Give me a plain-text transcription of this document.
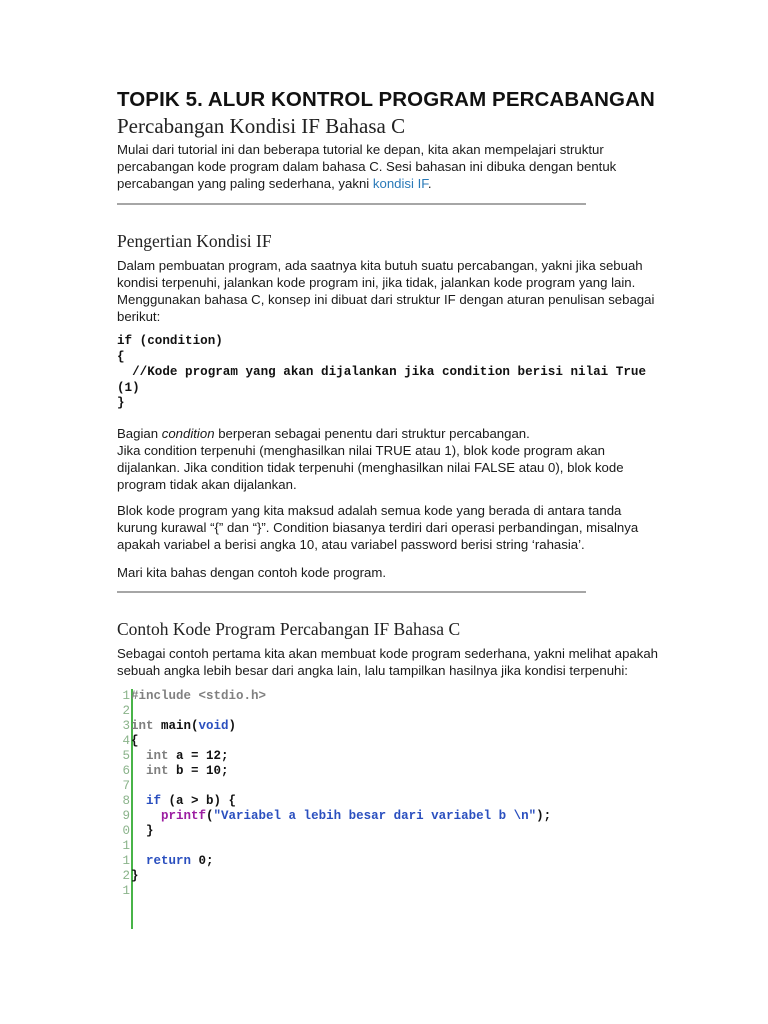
TOPIK 5. ALUR KONTROL PROGRAM PERCABANGAN
Percabangan Kondisi IF Bahasa C

Mulai dari tutorial ini dan beberapa tutorial ke depan, kita akan mempelajari struktur

percabangan kode program dalam bahasa C. Sesi bahasan ini dibuka dengan bentuk

percabangan yang paling sederhana, yakni kondisi IF.

Pengertian Kondisi IF

Dalam pembuatan program, ada saatnya kita butuh suatu percabangan, yakni jika sebuah

kondisi terpenuhi, jalankan kode program ini, jika tidak, jalankan kode program yang lain.

Menggunakan bahasa C, konsep ini dibuat dari struktur IF dengan aturan penulisan sebagai

berikut:

if (condition)
{
//Kode program yang akan dijalankan jika condition berisi nilai True
(1)
}

Bagian condition berperan sebagai penentu dari struktur percabangan.

Jika condition terpenuhi (menghasilkan nilai TRUE atau 1), blok kode program akan

dijalankan. Jika condition tidak terpenuhi (menghasilkan nilai FALSE atau 0), blok kode

program tidak akan dijalankan.

Blok kode program yang kita maksud adalah semua kode yang berada di antara tanda

kurung kurawal “{” dan “}”. Condition biasanya terdiri dari operasi perbandingan, misalnya

apakah variabel a berisi angka 10, atau variabel password berisi string ‘rahasia’.

Mari kita bahas dengan contoh kode program.

Contoh Kode Program Percabangan IF Bahasa C

Sebagai contoh pertama kita akan membuat kode program sederhana, yakni melihat apakah

sebuah angka lebih besar dari angka lain, lalu tampilkan hasilnya jika kondisi terpenuhi:

1 #include <stdio.h>
2
3 int main(void)
4 {
5	int a = 12;
6	int b = 10;
7
8	if (a > b) {
9	printf("Variabel a lebih besar dari variabel b \n");
0	}
1
1	return 0;
2 }
1
